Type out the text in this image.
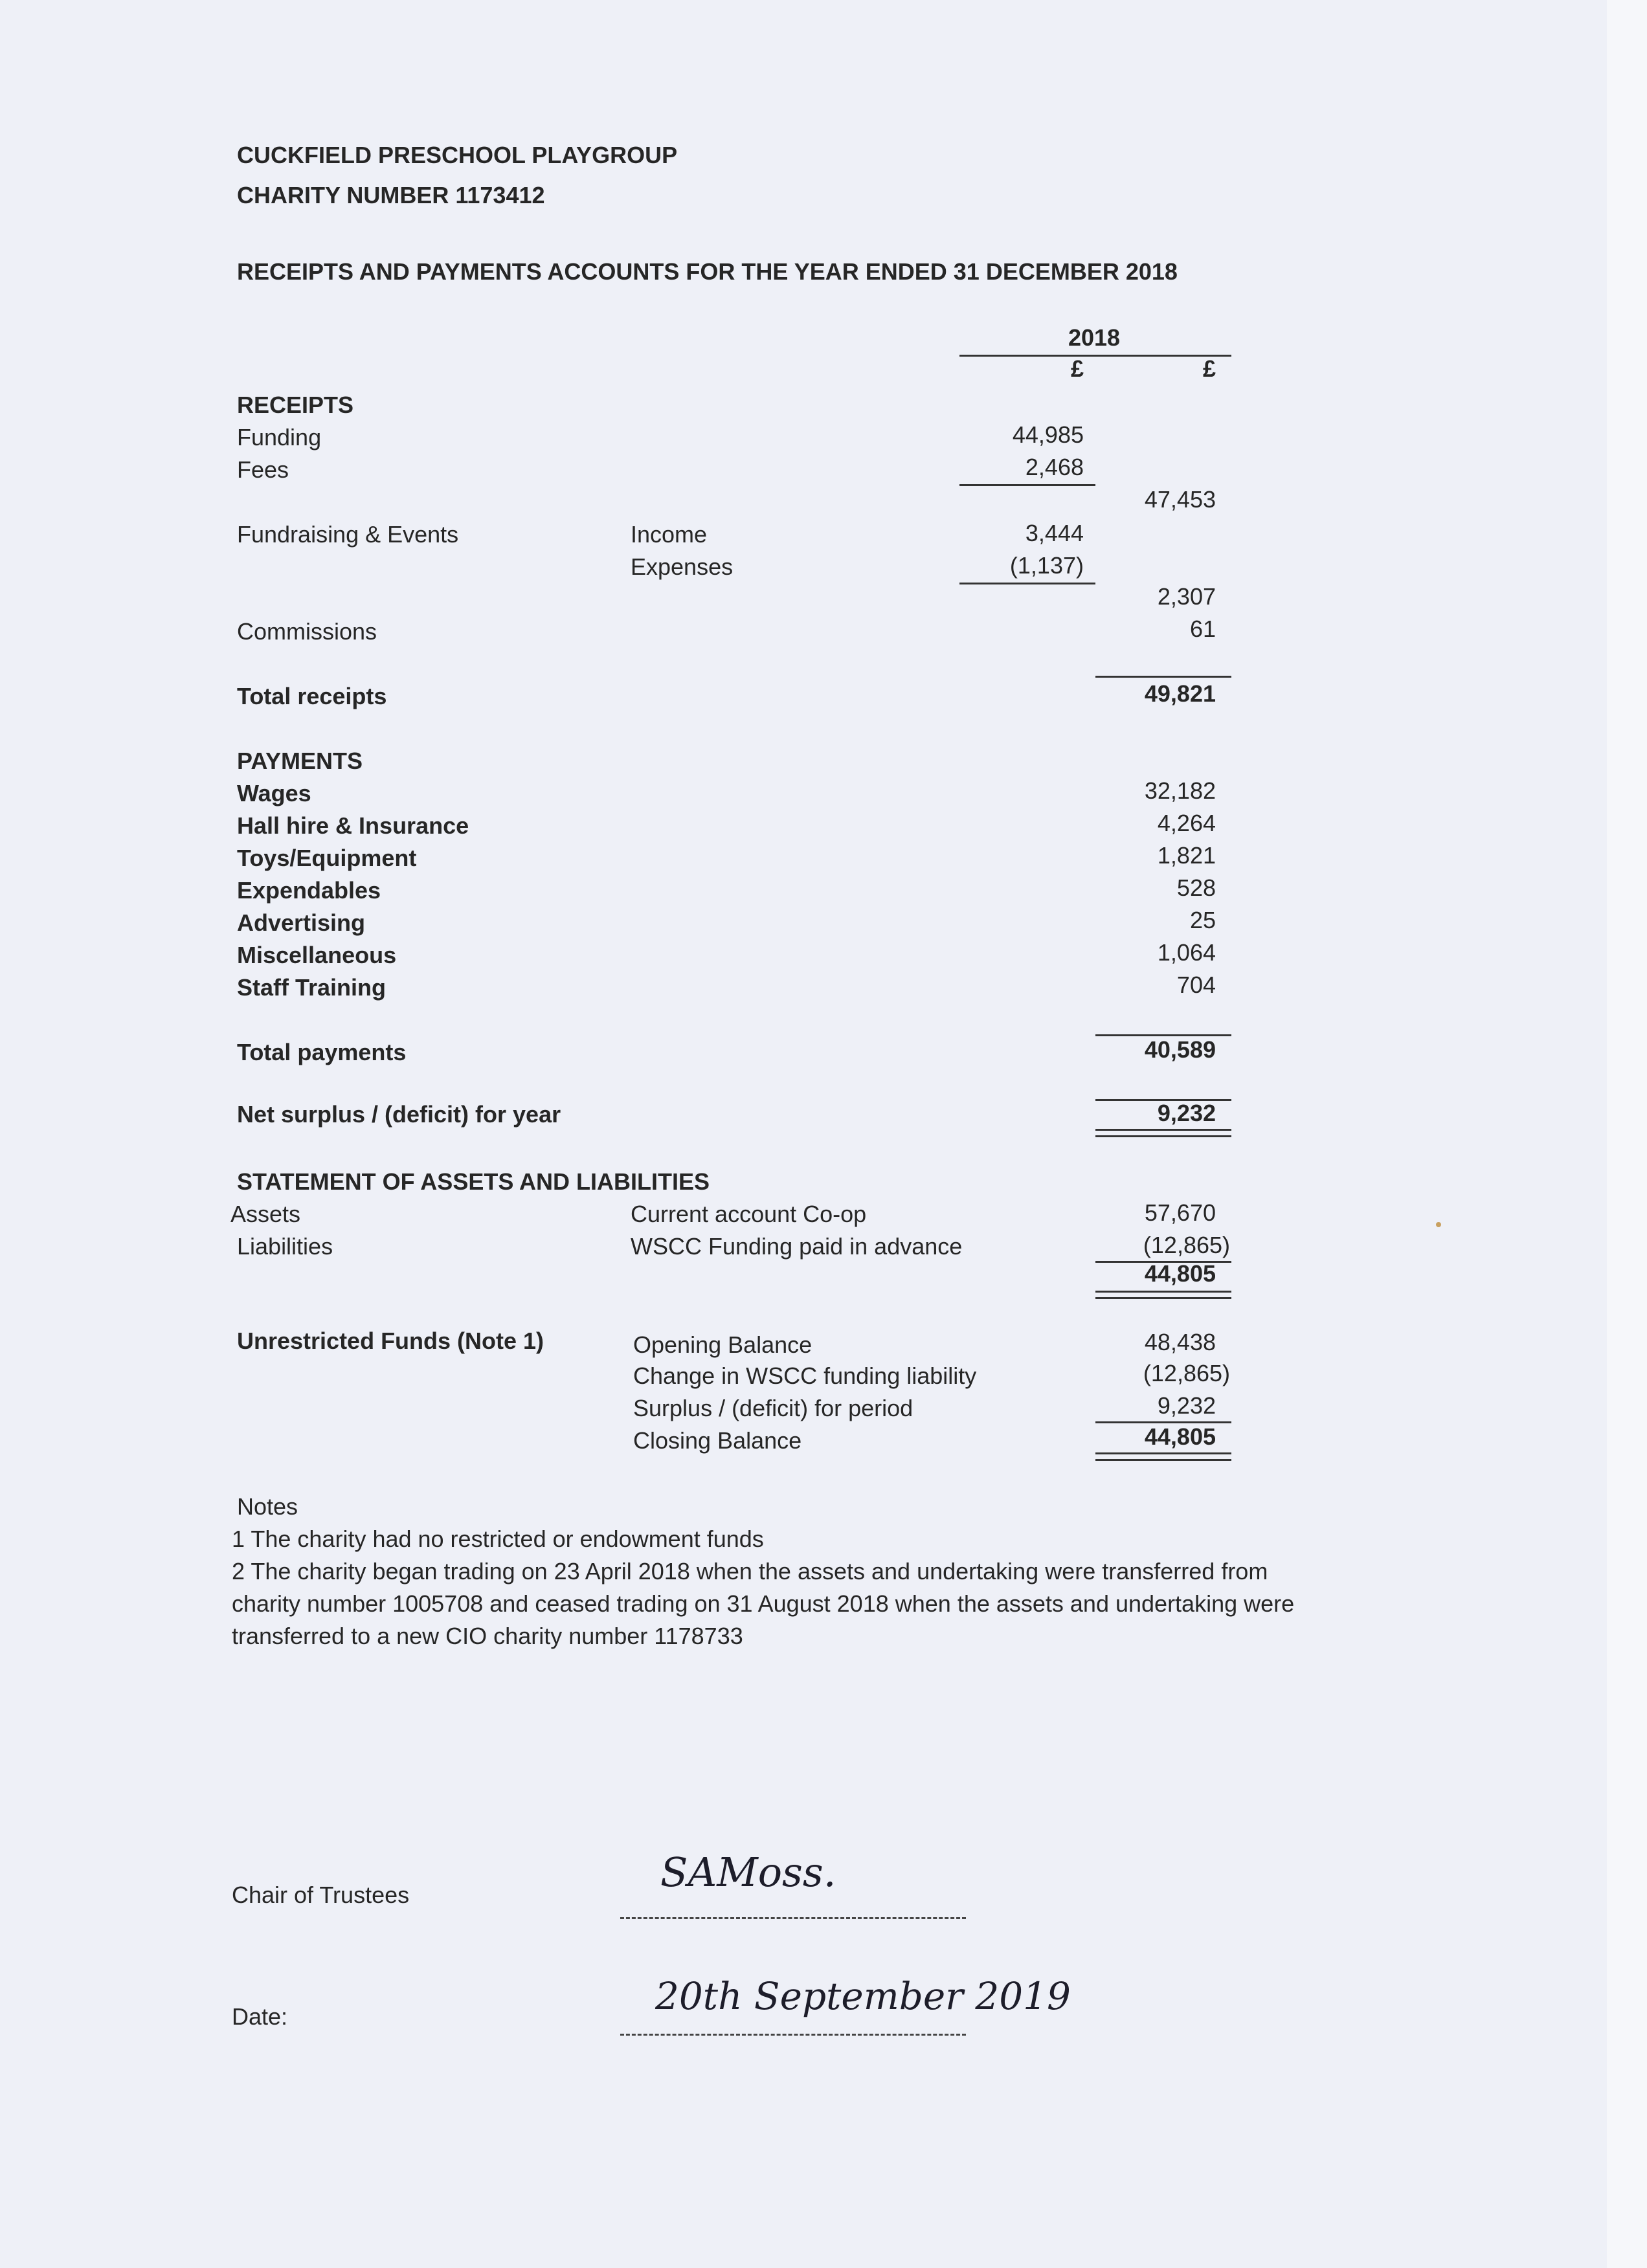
CUCKFIELD PRESCHOOL PLAYGROUP
CHARITY NUMBER 1173412
RECEIPTS AND PAYMENTS ACCOUNTS FOR THE YEAR ENDED 31 DECEMBER 2018
2018
£	£
RECEIPTS
Funding	44,985
Fees	2,468
47,453
Fundraising & Events	Income	3,444
Expenses	(1,137)
2,307
Commissions	61
Total receipts	49,821
PAYMENTS
Wages	32,182
Hall hire & Insurance	4,264
Toys/Equipment	1,821
Expendables	528
Advertising	25
Miscellaneous	1,064
Staff Training	704
Total payments	40,589
Net surplus / (deficit) for year	9,232
STATEMENT OF ASSETS AND LIABILITIES
Assets	Current account Co-op	57,670
Liabilities	WSCC Funding paid in advance	(12,865)
44,805
Unrestricted Funds (Note 1)	Opening Balance	48,438
Change in WSCC funding liability	(12,865)
Surplus / (deficit) for period	9,232
Closing Balance	44,805
Notes
1 The charity had no restricted or endowment funds
2 The charity began trading on 23 April 2018 when the assets and undertaking were transferred from
charity number 1005708 and ceased trading on 31 August 2018 when the assets and undertaking were
transferred to a new CIO charity number 1178733
Chair of Trustees	SAMoss.
Date:	20th September 2019
